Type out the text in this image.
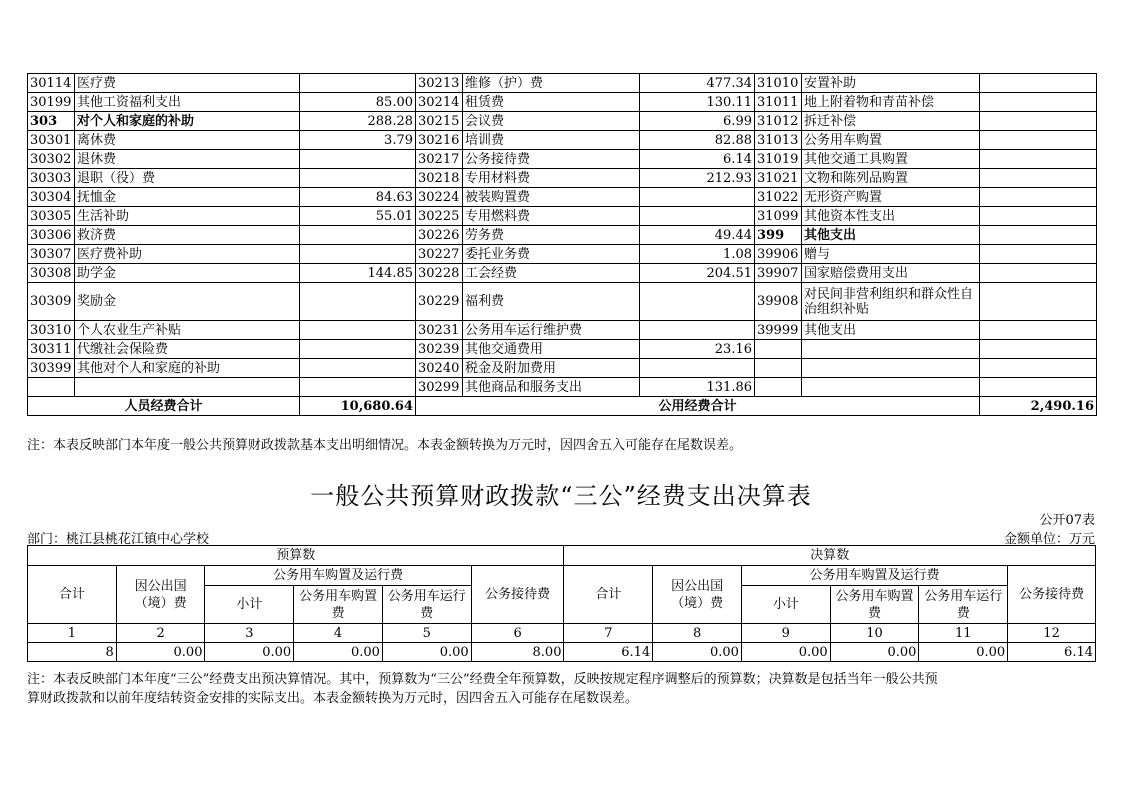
30114	医疗费		30213	维修（护）费	477.34	31010	安置补助	
30199	其他工资福利支出	85.00	30214	租赁费	130.11	31011	地上附着物和青苗补偿	
303	对个人和家庭的补助	288.28	30215	会议费	6.99	31012	拆迁补偿	
30301	离休费	3.79	30216	培训费	82.88	31013	公务用车购置	
30302	退休费		30217	公务接待费	6.14	31019	其他交通工具购置	
30303	退职（役）费		30218	专用材料费	212.93	31021	文物和陈列品购置	
30304	抚恤金	84.63	30224	被装购置费		31022	无形资产购置	
30305	生活补助	55.01	30225	专用燃料费		31099	其他资本性支出	
30306	救济费		30226	劳务费	49.44	399	其他支出	
30307	医疗费补助		30227	委托业务费	1.08	39906	赠与	
30308	助学金	144.85	30228	工会经费	204.51	39907	国家赔偿费用支出	
30309	奖励金		30229	福利费		39908	对民间非营利组织和群众性自治组织补贴	
30310	个人农业生产补贴		30231	公务用车运行维护费		39999	其他支出	
30311	代缴社会保险费		30239	其他交通费用	23.16			
30399	其他对个人和家庭的补助		30240	税金及附加费用				
			30299	其他商品和服务支出	131.86			
人员经费合计		10,680.64	公用经费合计					2,490.16
注：本表反映部门本年度一般公共预算财政拨款基本支出明细情况。本表金额转换为万元时，因四舍五入可能存在尾数误差。
一般公共预算财政拨款“三公”经费支出决算表
公开07表
部门：桃江县桃花江镇中心学校	金额单位：万元
预算数						决算数					
合计	因公出国（境）费	公务用车购置及运行费			公务接待费	合计	因公出国（境）费	公务用车购置及运行费			公务接待费
		小计	公务用车购置费	公务用车运行费				小计	公务用车购置费	公务用车运行费	
1	2	3	4	5	6	7	8	9	10	11	12
8	0.00	0.00	0.00	0.00	8.00	6.14	0.00	0.00	0.00	0.00	6.14
注：本表反映部门本年度“三公”经费支出预决算情况。其中，预算数为“三公”经费全年预算数，反映按规定程序调整后的预算数；决算数是包括当年一般公共预
算财政拨款和以前年度结转资金安排的实际支出。本表金额转换为万元时，因四舍五入可能存在尾数误差。
